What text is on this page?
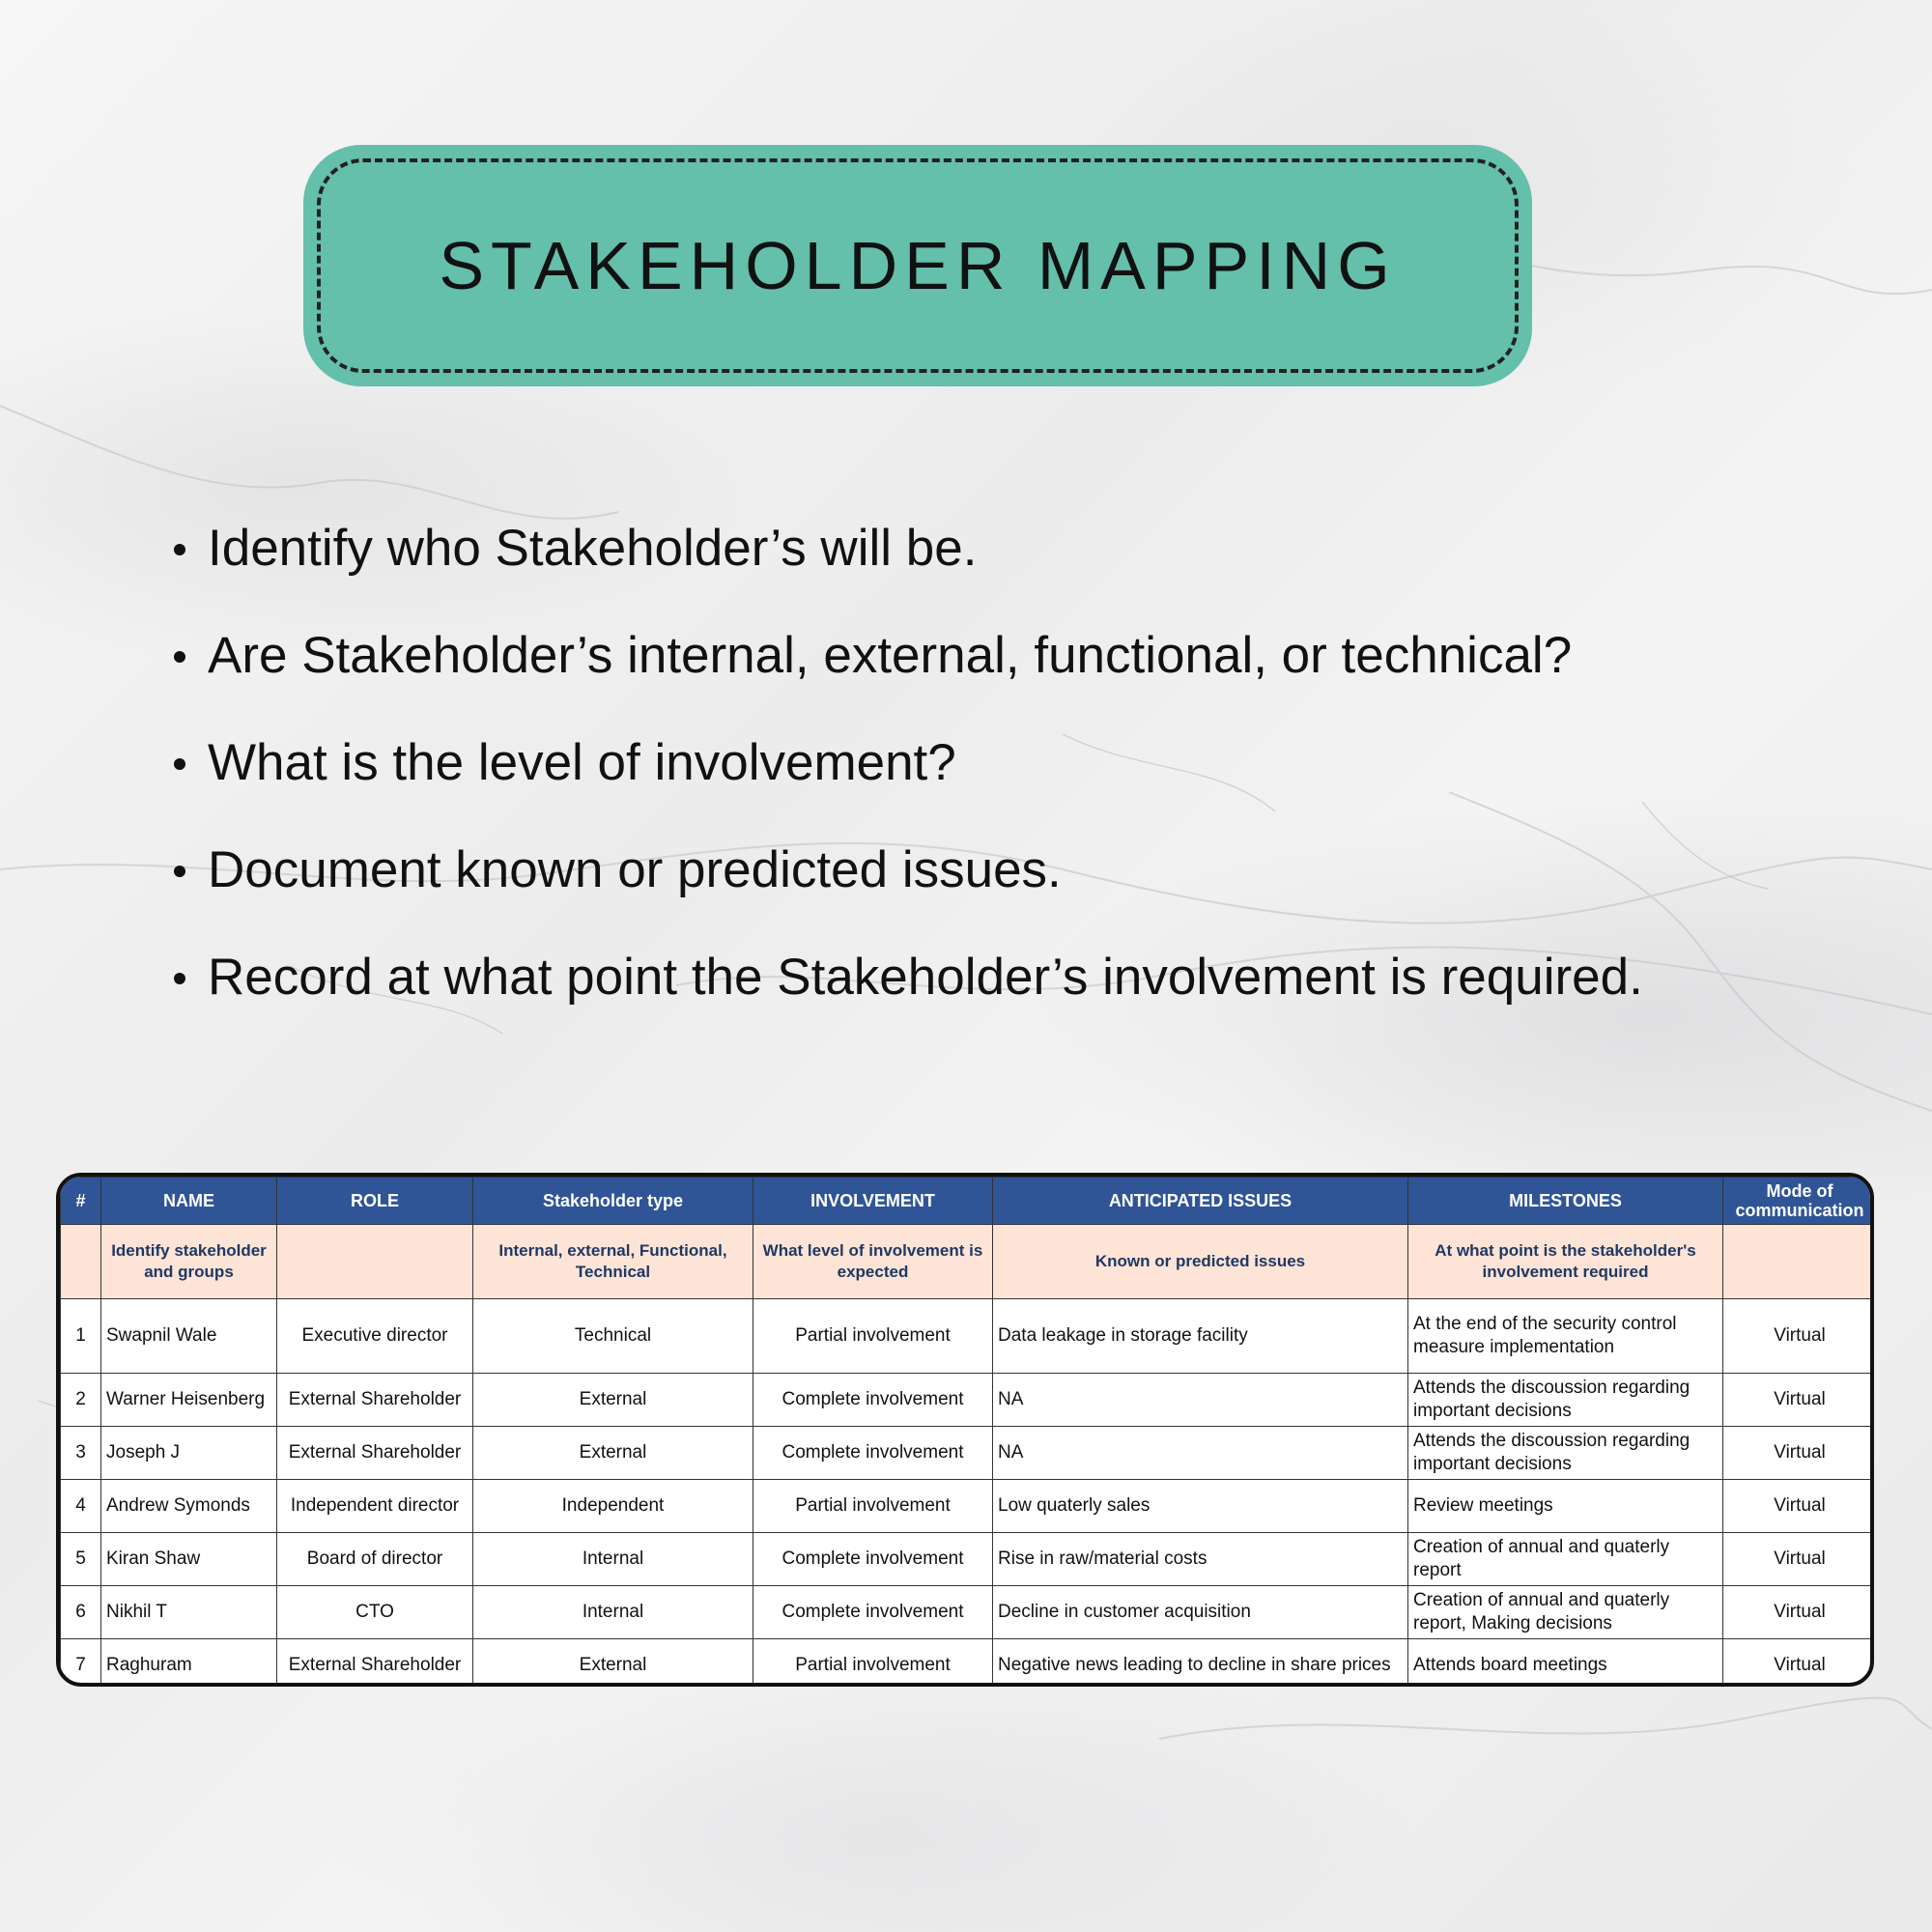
STAKEHOLDER MAPPING
Identify who Stakeholder’s will be.
Are Stakeholder’s internal, external, functional, or technical?
What is the level of involvement?
Document known or predicted issues.
Record at what point the Stakeholder’s involvement is required.
#	NAME	ROLE	Stakeholder type	INVOLVEMENT	ANTICIPATED ISSUES	MILESTONES	Mode of communication
	Identify stakeholder and groups		Internal, external, Functional, Technical	What level of involvement is expected	Known or predicted issues	At what point is the stakeholder's involvement required	
1	Swapnil Wale	Executive director	Technical	Partial involvement	Data leakage in storage facility	At the end of the security control measure implementation	Virtual
2	Warner Heisenberg	External Shareholder	External	Complete involvement	NA	Attends the discoussion regarding important decisions	Virtual
3	Joseph J	External Shareholder	External	Complete involvement	NA	Attends the discoussion regarding important decisions	Virtual
4	Andrew Symonds	Independent director	Independent	Partial involvement	Low quaterly sales	Review meetings	Virtual
5	Kiran Shaw	Board of director	Internal	Complete involvement	Rise in raw/material costs	Creation of annual and quaterly report	Virtual
6	Nikhil T	CTO	Internal	Complete involvement	Decline in customer acquisition	Creation of annual and quaterly report, Making decisions	Virtual
7	Raghuram	External Shareholder	External	Partial involvement	Negative news leading to decline in share prices	Attends board meetings	Virtual
